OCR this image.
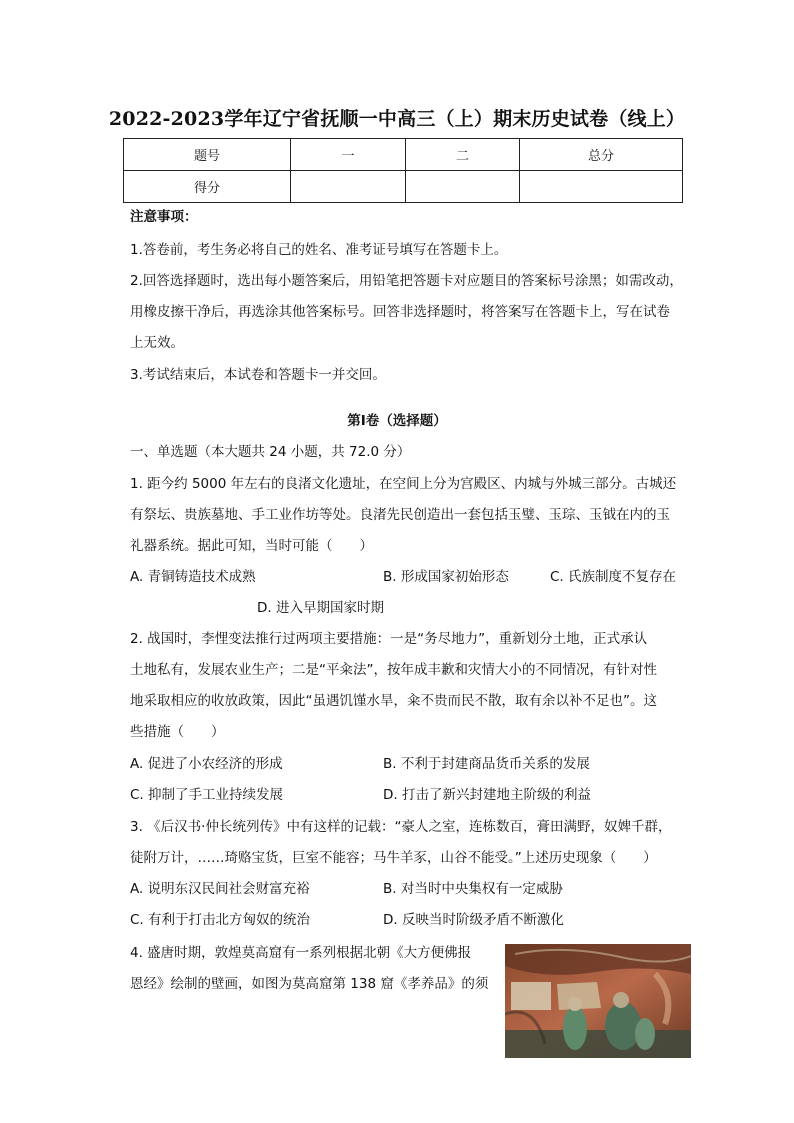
2022-2023学年辽宁省抚顺一中高三（上）期末历史试卷（线上）
题号	一	二	总分
得分			
注意事项：
1.答卷前，考生务必将自己的姓名、准考证号填写在答题卡上。
2.回答选择题时，选出每小题答案后，用铅笔把答题卡对应题目的答案标号涂黑；如需改动，
用橡皮擦干净后，再选涂其他答案标号。回答非选择题时，将答案写在答题卡上，写在试卷
上无效。
3.考试结束后，本试卷和答题卡一并交回。
第Ⅰ卷（选择题）
一、单选题（本大题共 24 小题，共 72.0 分）
1. 距今约 5000 年左右的良渚文化遗址，在空间上分为宫殿区、内城与外城三部分。古城还
有祭坛、贵族墓地、手工业作坊等处。良渚先民创造出一套包括玉璧、玉琮、玉钺在内的玉
礼器系统。据此可知，当时可能（　　）
A. 青铜铸造技术成熟	B. 形成国家初始形态	C. 氏族制度不复存在
D. 进入早期国家时期
2. 战国时，李悝变法推行过两项主要措施：一是“务尽地力”，重新划分土地，正式承认
土地私有，发展农业生产；二是“平籴法”，按年成丰歉和灾情大小的不同情况，有针对性
地采取相应的收放政策，因此“虽遇饥馑水旱，籴不贵而民不散，取有余以补不足也”。这
些措施（　　）
A. 促进了小农经济的形成	B. 不利于封建商品货币关系的发展
C. 抑制了手工业持续发展	D. 打击了新兴封建地主阶级的利益
3. 《后汉书·仲长统列传》中有这样的记载：“豪人之室，连栋数百，膏田满野，奴婢千群，
徒附万计，……琦赂宝货，巨室不能容；马牛羊豕，山谷不能受。”上述历史现象（　　）
A. 说明东汉民间社会财富充裕	B. 对当时中央集权有一定威胁
C. 有利于打击北方匈奴的统治	D. 反映当时阶级矛盾不断激化
4. 盛唐时期，敦煌莫高窟有一系列根据北朝《大方便佛报
恩经》绘制的壁画，如图为莫高窟第 138 窟《孝养品》的须
